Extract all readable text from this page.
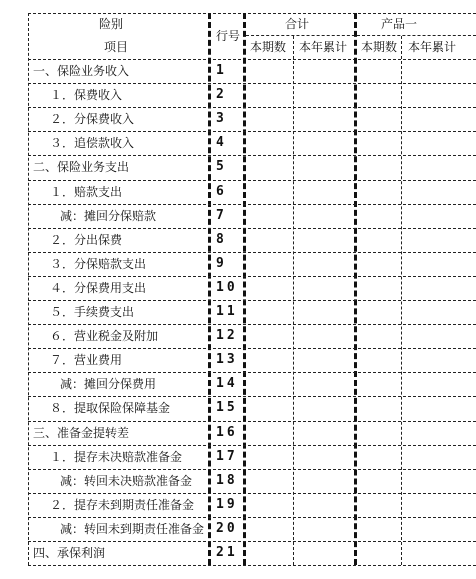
险别
项目
行号
合计	产品一
本期数 本年累计 本期数 本年累计
一、保险业务收入	1
１．保费收入	2
２．分保费收入	3
３．追偿款收入	4
二、保险业务支出	5
１．赔款支出	6
减：摊回分保赔款	7
２．分出保费	8
３．分保赔款支出	9
４．分保费用支出	10
５．手续费支出	11
６．营业税金及附加	12
７．营业费用	13
减：摊回分保费用	14
８．提取保险保障基金	15
三、准备金提转差	16
１．提存未决赔款准备金	17
减：转回未决赔款准备金 18
２．提存未到期责任准备金 19
减：转回未到期责任准备金 20
四、承保利润	21
